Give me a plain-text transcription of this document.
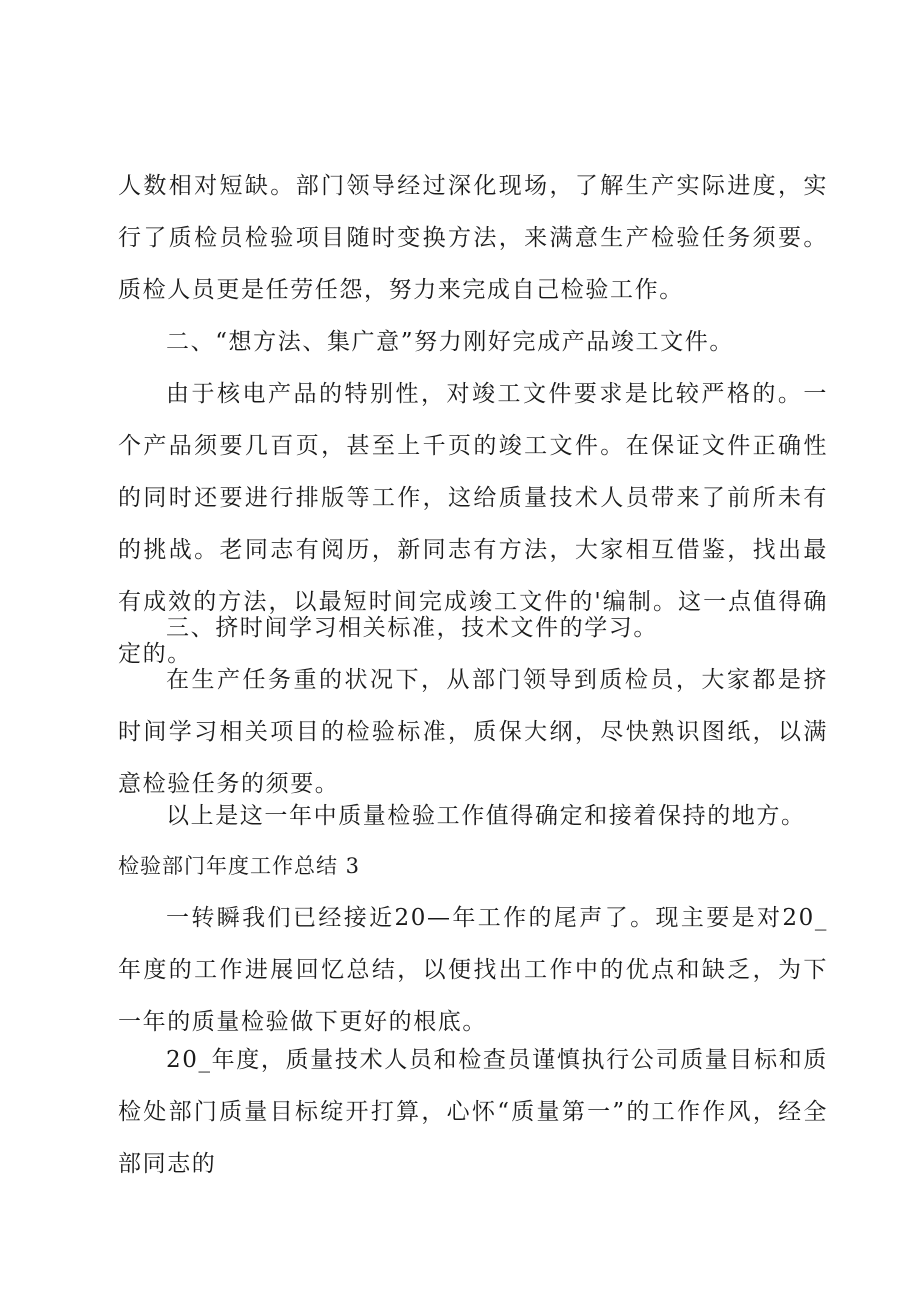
人数相对短缺。部门领导经过深化现场，了解生产实际进度，实行了质检员检验项目随时变换方法，来满意生产检验任务须要。质检人员更是任劳任怨，努力来完成自己检验工作。

二、“想方法、集广意”努力刚好完成产品竣工文件。

由于核电产品的特别性，对竣工文件要求是比较严格的。一个产品须要几百页，甚至上千页的竣工文件。在保证文件正确性的同时还要进行排版等工作，这给质量技术人员带来了前所未有的挑战。老同志有阅历，新同志有方法，大家相互借鉴，找出最有成效的方法，以最短时间完成竣工文件的'编制。这一点值得确定的。

三、挤时间学习相关标准，技术文件的学习。

在生产任务重的状况下，从部门领导到质检员，大家都是挤时间学习相关项目的检验标准，质保大纲，尽快熟识图纸，以满意检验任务的须要。

以上是这一年中质量检验工作值得确定和接着保持的地方。

检验部门年度工作总结 3

一转瞬我们已经接近20—年工作的尾声了。现主要是对20_年度的工作进展回忆总结，以便找出工作中的优点和缺乏，为下一年的质量检验做下更好的根底。

20_年度，质量技术人员和检查员谨慎执行公司质量目标和质检处部门质量目标绽开打算，心怀“质量第一”的工作作风，经全部同志的
